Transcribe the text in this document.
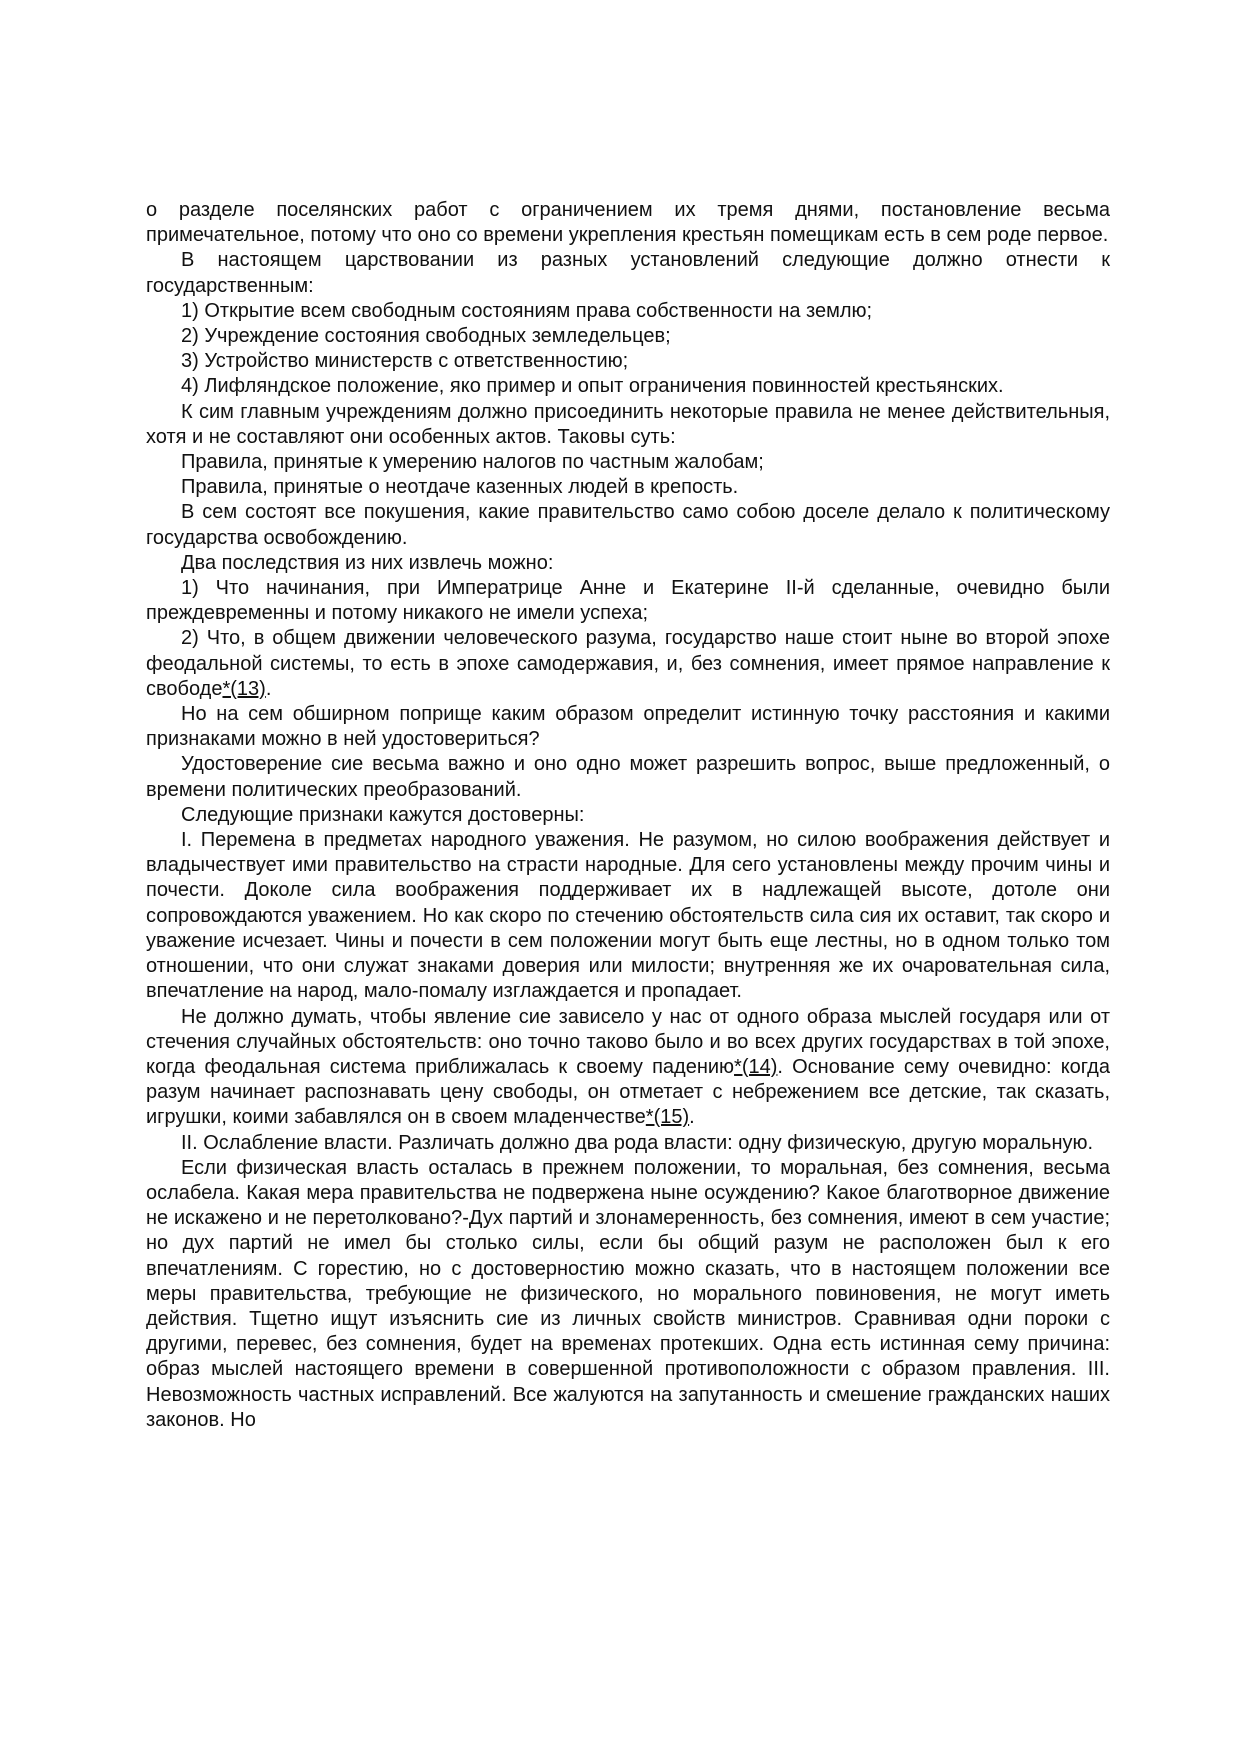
о разделе поселянских работ с ограничением их тремя днями, постановление весьма примечательное, потому что оно со времени укрепления крестьян помещикам есть в сем роде первое.

В настоящем царствовании из разных установлений следующие должно отнести к государственным:

1) Открытие всем свободным состояниям права собственности на землю;

2) Учреждение состояния свободных земледельцев;

3) Устройство министерств с ответственностию;

4) Лифляндское положение, яко пример и опыт ограничения повинностей крестьянских.

К сим главным учреждениям должно присоединить некоторые правила не менее действительныя, хотя и не составляют они особенных актов. Таковы суть:

Правила, принятые к умерению налогов по частным жалобам;

Правила, принятые о неотдаче казенных людей в крепость.

В сем состоят все покушения, какие правительство само собою доселе делало к политическому государства освобождению.

Два последствия из них извлечь можно:

1) Что начинания, при Императрице Анне и Екатерине II-й сделанные, очевидно были преждевременны и потому никакого не имели успеха;

2) Что, в общем движении человеческого разума, государство наше стоит ныне во второй эпохе феодальной системы, то есть в эпохе самодержавия, и, без сомнения, имеет прямое направление к свободе*(13).

Но на сем обширном поприще каким образом определит истинную точку расстояния и какими признаками можно в ней удостовериться?

Удостоверение сие весьма важно и оно одно может разрешить вопрос, выше предложенный, о времени политических преобразований.

Следующие признаки кажутся достоверны:

I. Перемена в предметах народного уважения. Не разумом, но силою воображения действует и владычествует ими правительство на страсти народные. Для сего установлены между прочим чины и почести. Доколе сила воображения поддерживает их в надлежащей высоте, дотоле они сопровождаются уважением. Но как скоро по стечению обстоятельств сила сия их оставит, так скоро и уважение исчезает. Чины и почести в сем положении могут быть еще лестны, но в одном только том отношении, что они служат знаками доверия или милости; внутренняя же их очаровательная сила, впечатление на народ, мало-помалу изглаждается и пропадает.

Не должно думать, чтобы явление сие зависело у нас от одного образа мыслей государя или от стечения случайных обстоятельств: оно точно таково было и во всех других государствах в той эпохе, когда феодальная система приближалась к своему падению*(14). Основание сему очевидно: когда разум начинает распознавать цену свободы, он отметает с небрежением все детские, так сказать, игрушки, коими забавлялся он в своем младенчестве*(15).

II. Ослабление власти. Различать должно два рода власти: одну физическую, другую моральную.

Если физическая власть осталась в прежнем положении, то моральная, без сомнения, весьма ослабела. Какая мера правительства не подвержена ныне осуждению? Какое благотворное движение не искажено и не перетолковано?-Дух партий и злонамеренность, без сомнения, имеют в сем участие; но дух партий не имел бы столько силы, если бы общий разум не расположен был к его впечатлениям. С горестию, но с достоверностию можно сказать, что в настоящем положении все меры правительства, требующие не физического, но морального повиновения, не могут иметь действия. Тщетно ищут изъяснить сие из личных свойств министров. Сравнивая одни пороки с другими, перевес, без сомнения, будет на временах протекших. Одна есть истинная сему причина: образ мыслей настоящего времени в совершенной противоположности с образом правления. III. Невозможность частных исправлений. Все жалуются на запутанность и смешение гражданских наших законов. Но
